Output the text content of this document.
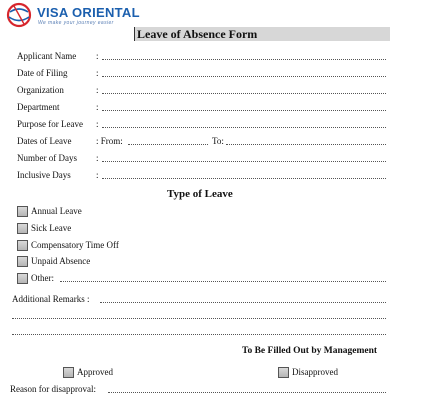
VISA ORIENTAL
We make your journey easier
Leave of Absence Form
Applicant Name :
Date of Filing	:
Organization	:
Department	:
Purpose for Leave :
Dates of Leave	: From:	To:
Number of Days :
Inclusive Days	:
Type of Leave
Annual Leave
Sick Leave
Compensatory Time Off
Unpaid Absence
Other:
Additional Remarks :
To Be Filled Out by Management
Approved	Disapproved
Reason for disapproval:
